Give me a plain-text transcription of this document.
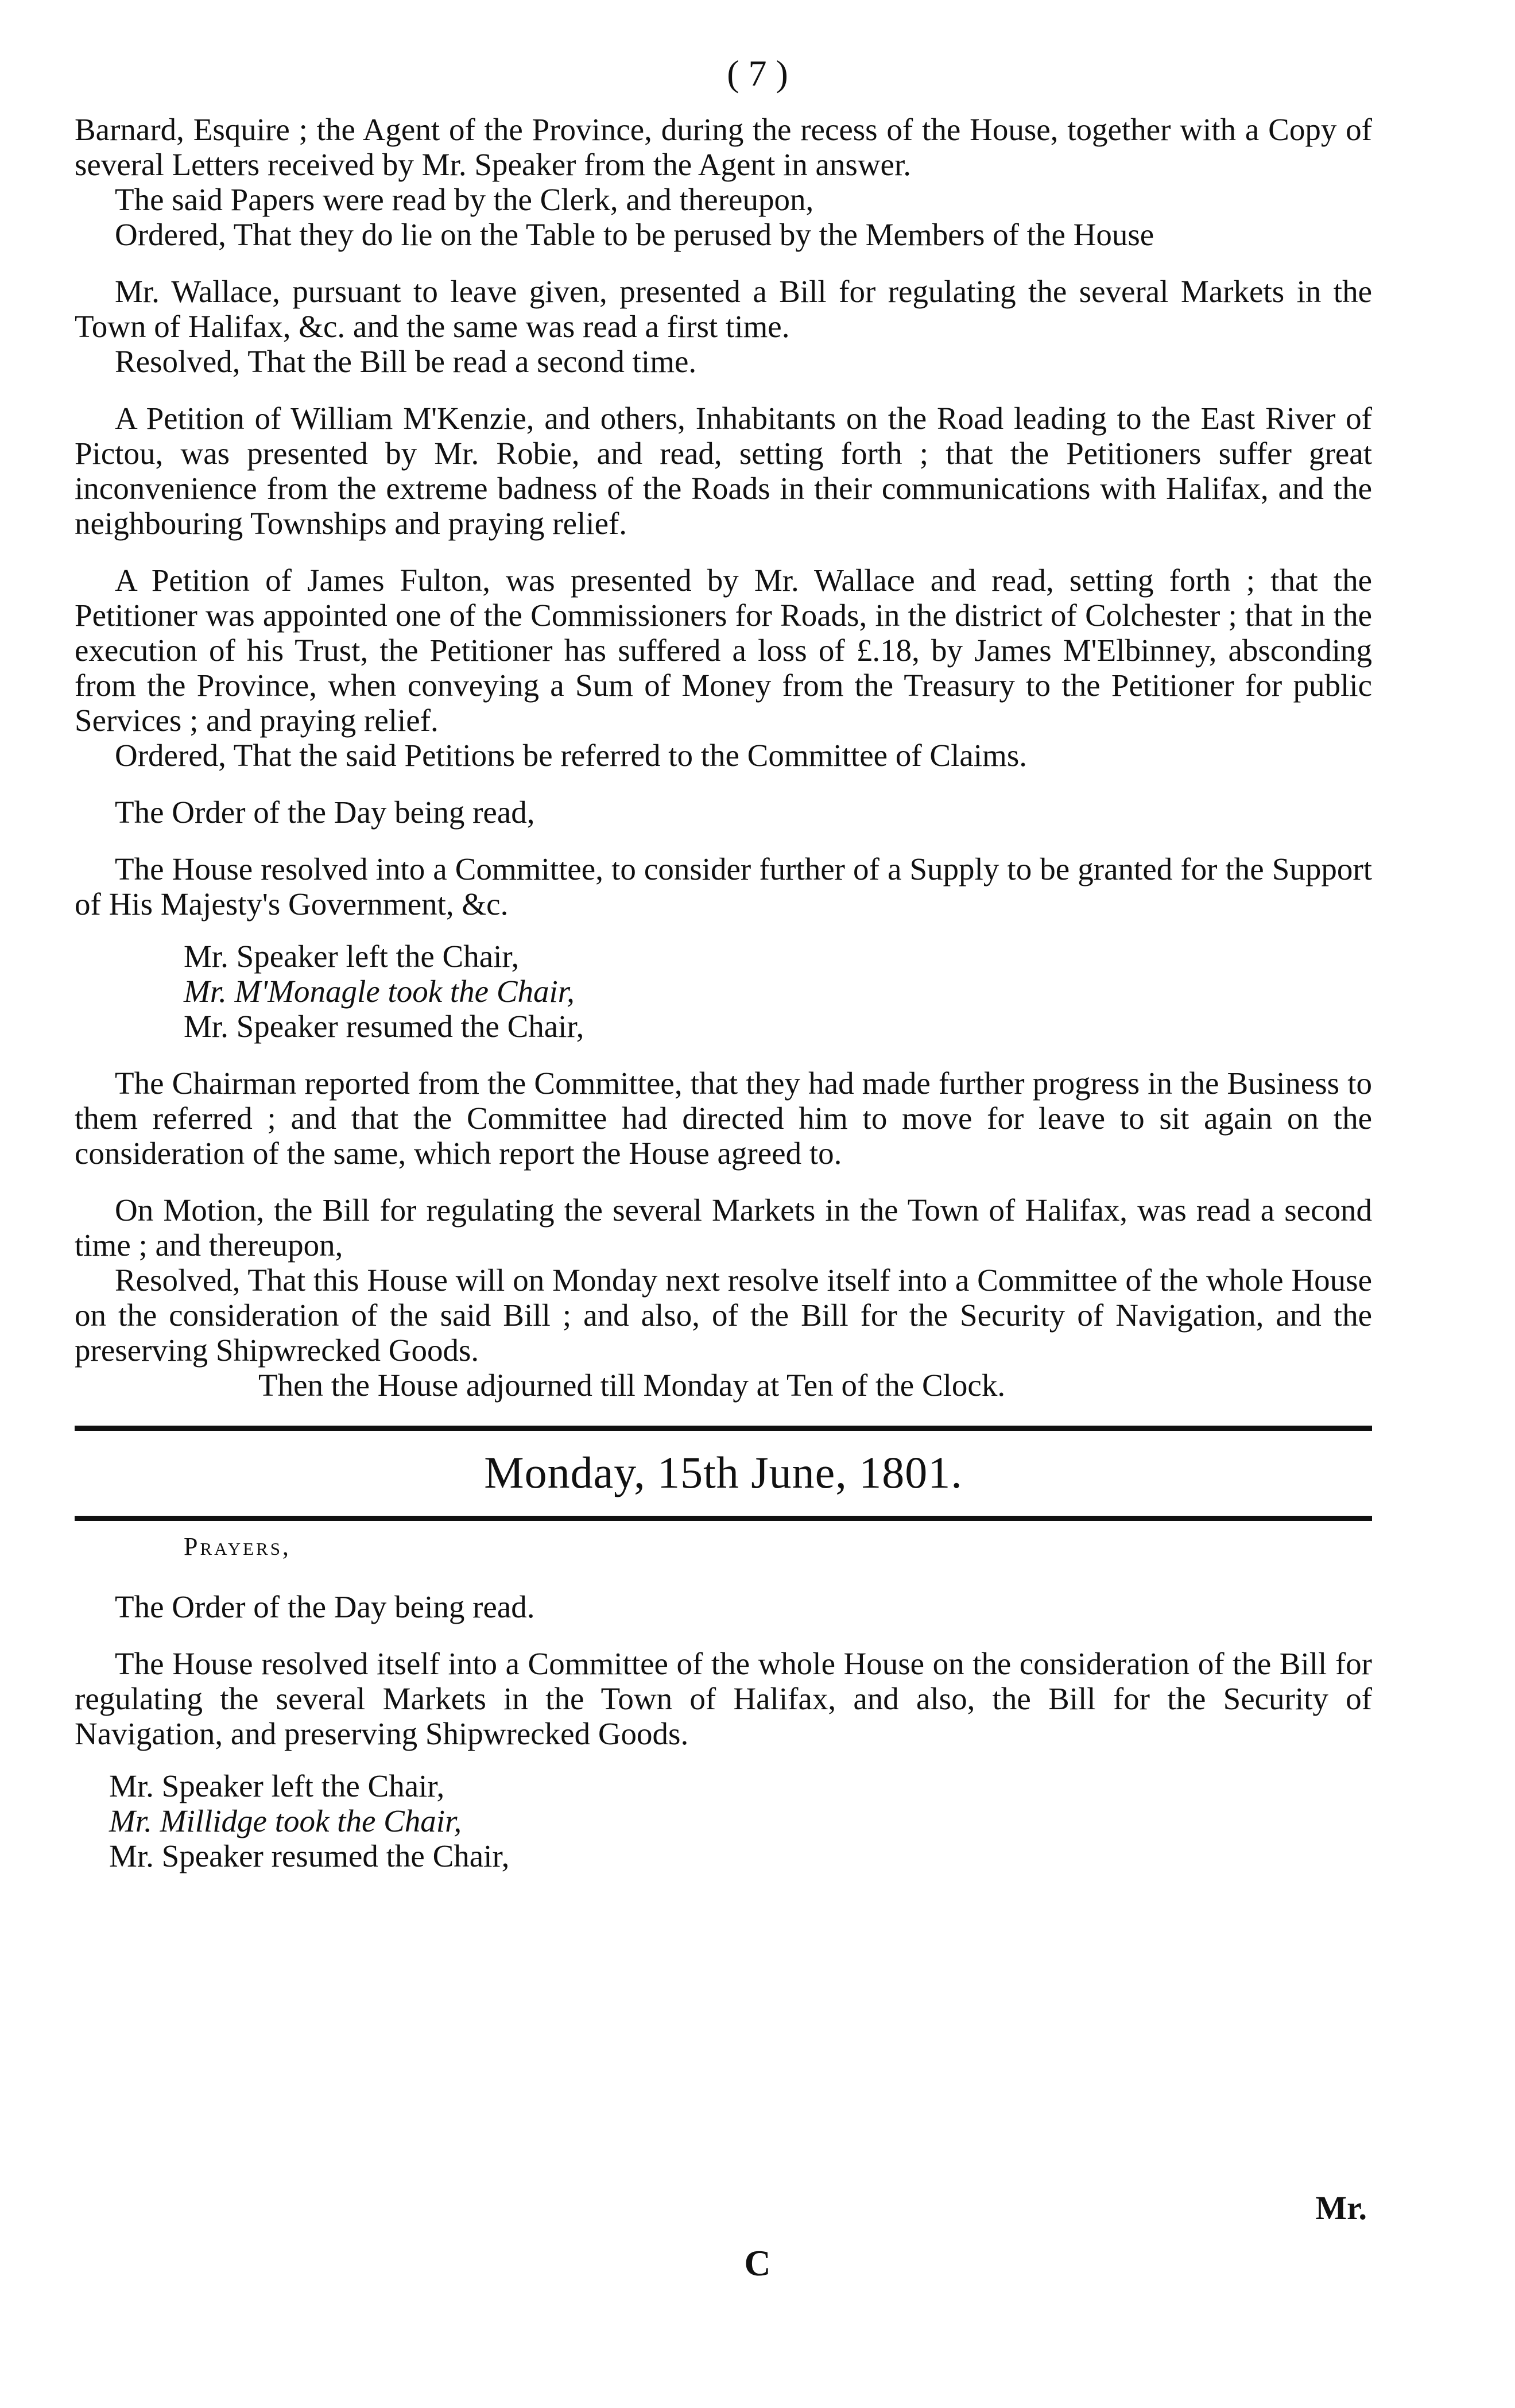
( 7 )

Barnard, Esquire ; the Agent of the Province, during the recess of the House, together with a Copy of several Letters received by Mr. Speaker from the Agent in answer.

The said Papers were read by the Clerk, and thereupon,

Ordered, That they do lie on the Table to be perused by the Members of the House

Mr. Wallace, pursuant to leave given, presented a Bill for regulating the several Markets in the Town of Halifax, &c. and the same was read a first time.

Resolved, That the Bill be read a second time.

A Petition of William M'Kenzie, and others, Inhabitants on the Road leading to the East River of Pictou, was presented by Mr. Robie, and read, setting forth ; that the Petitioners suffer great inconvenience from the extreme badness of the Roads in their communications with Halifax, and the neighbouring Townships and praying relief.

A Petition of James Fulton, was presented by Mr. Wallace and read, setting forth ; that the Petitioner was appointed one of the Commissioners for Roads, in the district of Colchester ; that in the execution of his Trust, the Petitioner has suffered a loss of £.18, by James M'Elbinney, absconding from the Province, when conveying a Sum of Money from the Treasury to the Petitioner for public Services ; and praying relief.

Ordered, That the said Petitions be referred to the Committee of Claims.

The Order of the Day being read,

The House resolved into a Committee, to consider further of a Supply to be granted for the Support of His Majesty's Government, &c.

Mr. Speaker left the Chair,

Mr. M'Monagle took the Chair,

Mr. Speaker resumed the Chair,

The Chairman reported from the Committee, that they had made further progress in the Business to them referred ; and that the Committee had directed him to move for leave to sit again on the consideration of the same, which report the House agreed to.

On Motion, the Bill for regulating the several Markets in the Town of Halifax, was read a second time ; and thereupon,

Resolved, That this House will on Monday next resolve itself into a Committee of the whole House on the consideration of the said Bill ; and also, of the Bill for the Security of Navigation, and the preserving Shipwrecked Goods.

Then the House adjourned till Monday at Ten of the Clock.

Monday, 15th June, 1801.

Prayers,

The Order of the Day being read.

The House resolved itself into a Committee of the whole House on the consideration of the Bill for regulating the several Markets in the Town of Halifax, and also, the Bill for the Security of Navigation, and preserving Shipwrecked Goods.

Mr. Speaker left the Chair,

Mr. Millidge took the Chair,

Mr. Speaker resumed the Chair,

Mr.
C
